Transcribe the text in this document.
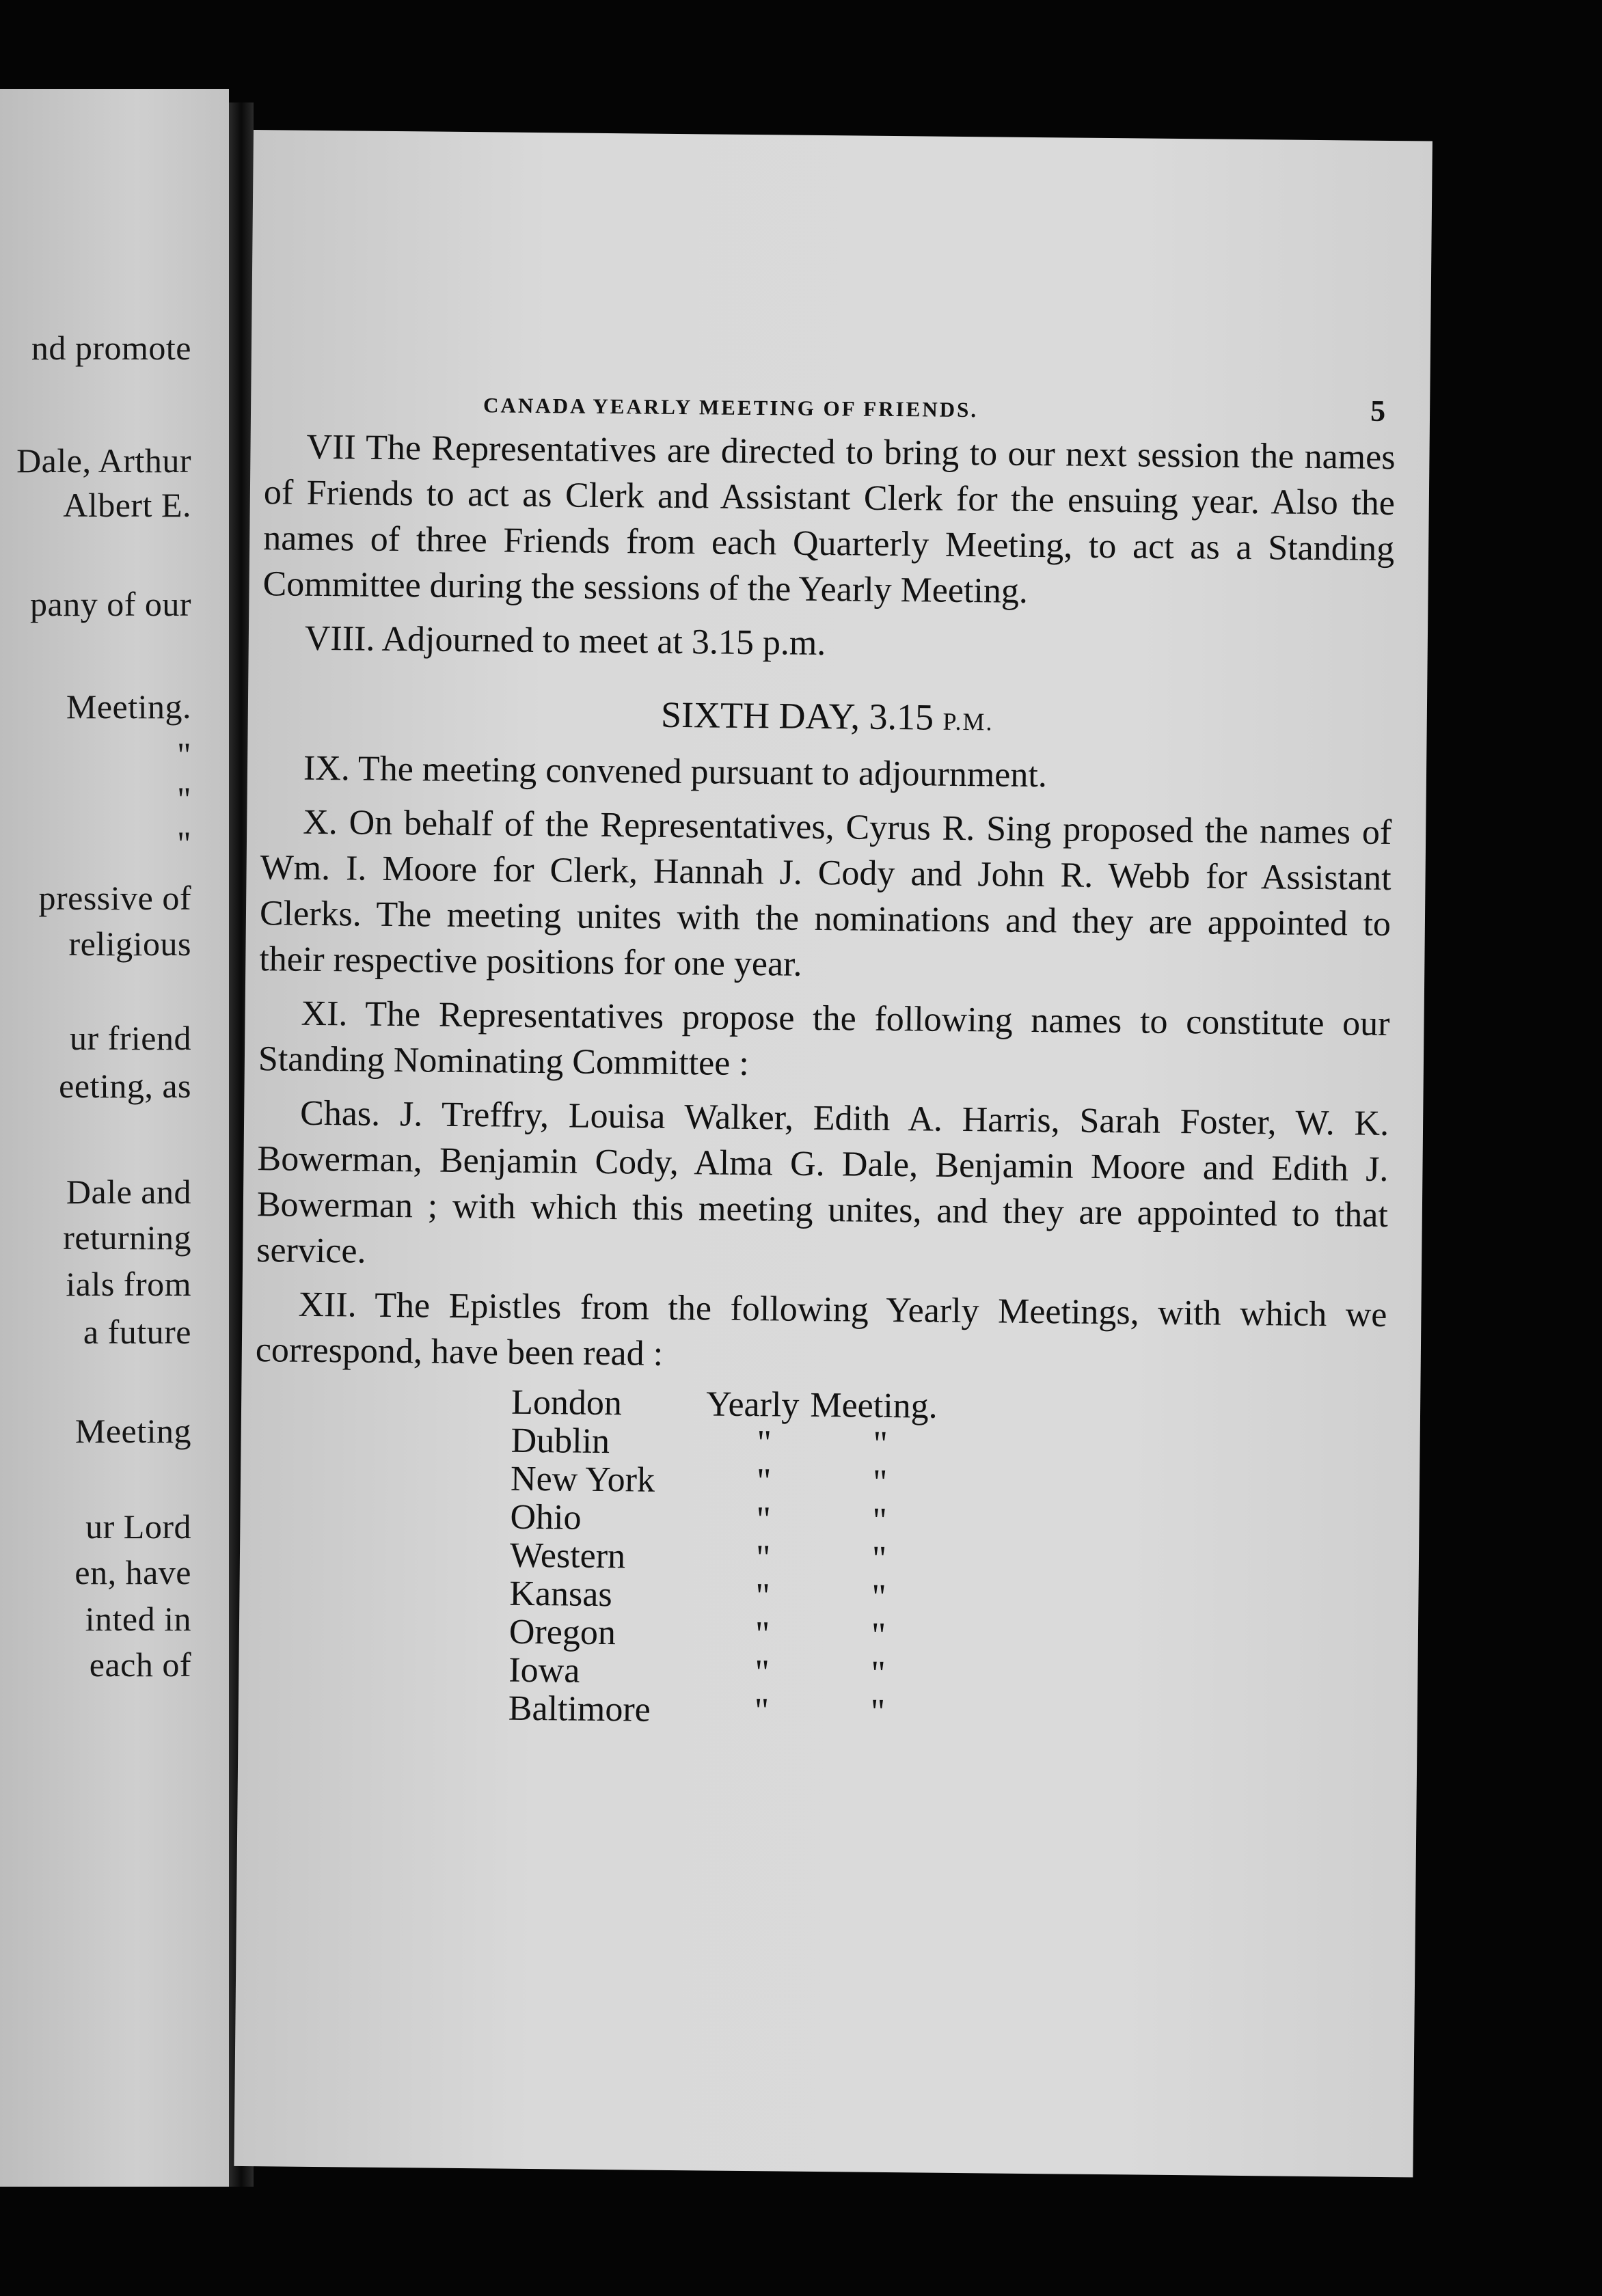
nd promote
Dale, Arthur
Albert E.
pany of our
Meeting.
"
"
"
pressive of
religious
ur friend
eeting, as
Dale and
returning
ials from
a future
Meeting
ur Lord
en, have
inted in
each of
CANADA YEARLY MEETING OF FRIENDS.	5

VII The Representatives are directed to bring to our next session the names of Friends to act as Clerk and Assistant Clerk for the ensuing year. Also the names of three Friends from each Quarterly Meeting, to act as a Standing Committee during the sessions of the Yearly Meeting.

VIII. Adjourned to meet at 3.15 p.m.

SIXTH DAY, 3.15 P.M.

IX. The meeting convened pursuant to adjournment.

X. On behalf of the Representatives, Cyrus R. Sing proposed the names of Wm. I. Moore for Clerk, Hannah J. Cody and John R. Webb for Assistant Clerks. The meeting unites with the nominations and they are appointed to their respective positions for one year.

XI. The Representatives propose the following names to constitute our Standing Nominating Committee :

Chas. J. Treffry, Louisa Walker, Edith A. Harris, Sarah Foster, W. K. Bowerman, Benjamin Cody, Alma G. Dale, Benjamin Moore and Edith J. Bowerman ; with which this meeting unites, and they are appointed to that service.

XII. The Epistles from the following Yearly Meetings, with which we correspond, have been read :

London	Yearly Meeting.
Dublin	"	"
New York	"	"
Ohio	"	"
Western	"	"
Kansas	"	"
Oregon	"	"
Iowa	"	"
Baltimore	"	"
